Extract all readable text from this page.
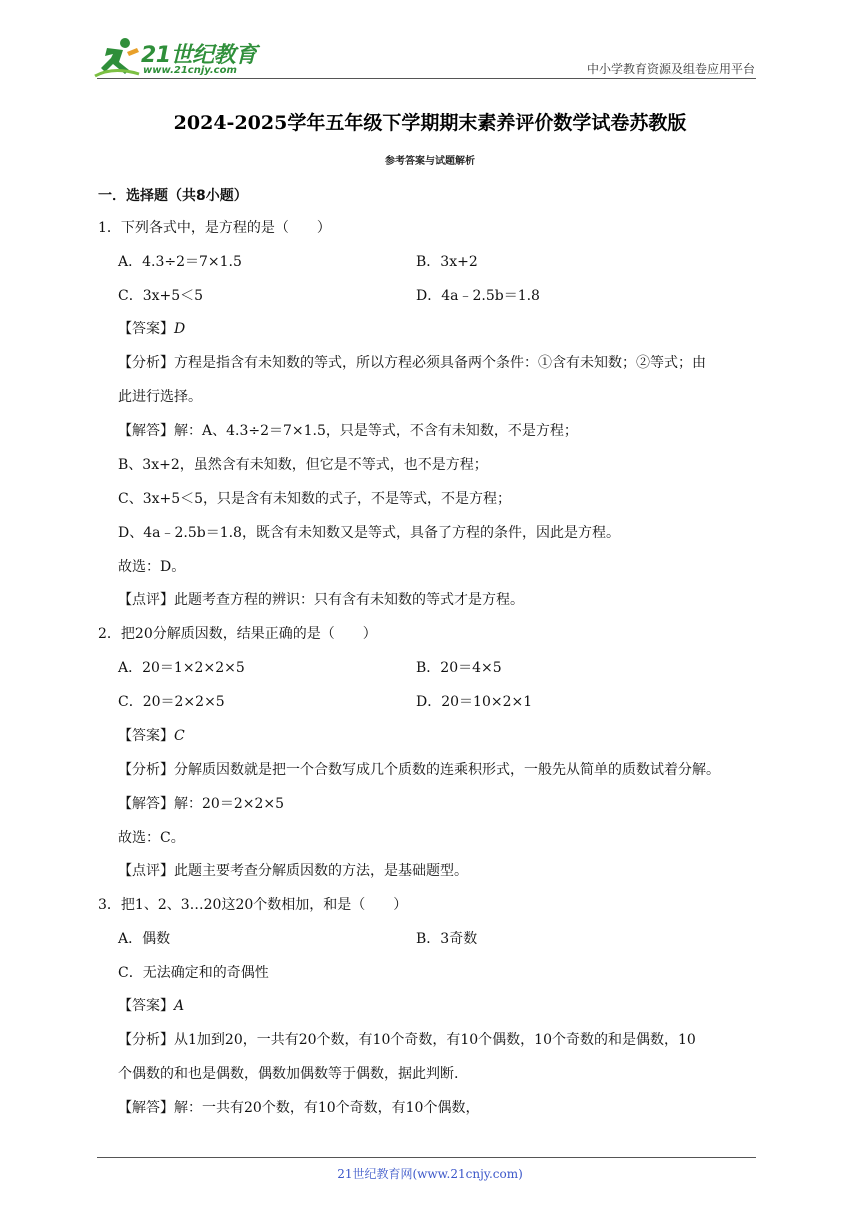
21世纪教育
www.21cnjy.com	中小学教育资源及组卷应用平台
2024-2025学年五年级下学期期末素养评价数学试卷苏教版
参考答案与试题解析
一．选择题（共8小题）
1．下列各式中，是方程的是（　　）
A．4.3÷2＝7×1.5	B．3x+2
C．3x+5＜5	D．4a﹣2.5b＝1.8
【答案】D
【分析】方程是指含有未知数的等式，所以方程必须具备两个条件：①含有未知数；②等式；由
此进行选择。
【解答】解：A、4.3÷2＝7×1.5，只是等式，不含有未知数，不是方程；
B、3x+2，虽然含有未知数，但它是不等式，也不是方程；
C、3x+5＜5，只是含有未知数的式子，不是等式，不是方程；
D、4a﹣2.5b＝1.8，既含有未知数又是等式，具备了方程的条件，因此是方程。
故选：D。
【点评】此题考查方程的辨识：只有含有未知数的等式才是方程。
2．把20分解质因数，结果正确的是（　　）
A．20＝1×2×2×5	B．20＝4×5
C．20＝2×2×5	D．20＝10×2×1
【答案】C
【分析】分解质因数就是把一个合数写成几个质数的连乘积形式，一般先从简单的质数试着分解。
【解答】解：20＝2×2×5
故选：C。
【点评】此题主要考查分解质因数的方法，是基础题型。
3．把1、2、3…20这20个数相加，和是（　　）
A．偶数	B．3奇数
C．无法确定和的奇偶性
【答案】A
【分析】从1加到20，一共有20个数，有10个奇数，有10个偶数，10个奇数的和是偶数，10
个偶数的和也是偶数，偶数加偶数等于偶数，据此判断.
【解答】解：一共有20个数，有10个奇数，有10个偶数，
21世纪教育网(www.21cnjy.com)
